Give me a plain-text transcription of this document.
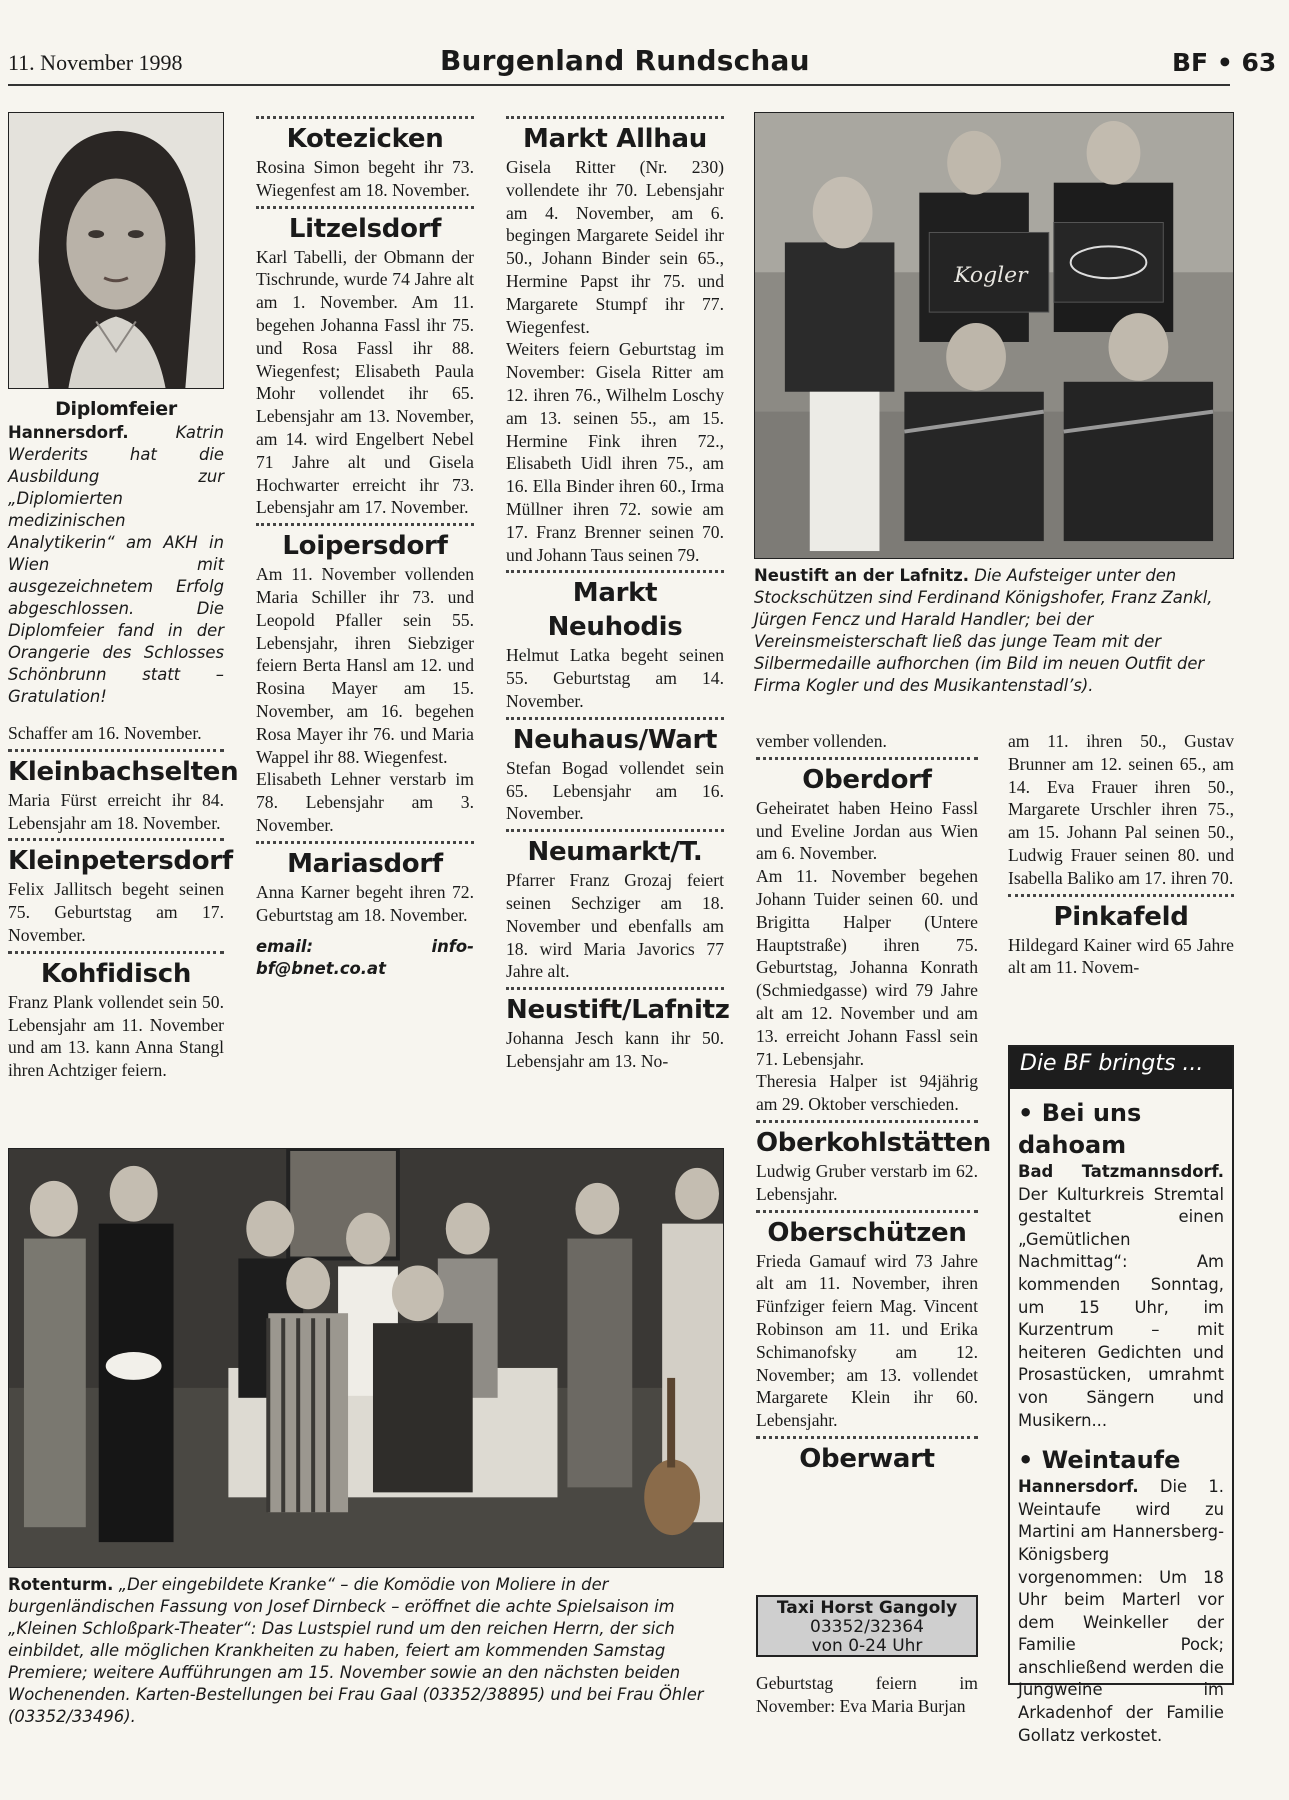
11. November 1998	Burgenland Rundschau	BF • 63
Diplomfeier

Hannersdorf.	Katrin Werderits hat die Ausbildung zur „Diplomierten medizinischen Analytikerin“ am AKH in Wien mit ausgezeichnetem Erfolg abgeschlossen. Die Diplomfeier fand in der Orangerie des Schlosses Schönbrunn statt – Gratulation!

Schaffer am 16. November.

Kleinbachselten

Maria Fürst erreicht ihr 84. Lebensjahr am 18. November.

Kleinpetersdorf

Felix Jallitsch begeht seinen 75. Geburtstag am 17. November.

Kohfidisch

Franz Plank vollendet sein 50. Lebensjahr am 11. November und am 13. kann Anna Stangl ihren Achtziger feiern.

Kotezicken

Rosina Simon begeht ihr 73. Wiegenfest am 18. November.

Litzelsdorf

Karl Tabelli, der Obmann der Tischrunde, wurde 74 Jahre alt am 1. November. Am 11. begehen Johanna Fassl ihr 75. und Rosa Fassl ihr 88. Wiegenfest; Elisabeth Paula Mohr vollendet ihr 65. Lebensjahr am 13. November, am 14. wird Engelbert Nebel 71 Jahre alt und Gisela Hochwarter erreicht ihr 73. Lebensjahr am 17. November.

Loipersdorf

Am 11. November vollenden Maria Schiller ihr 73. und Leopold Pfaller sein 55. Lebensjahr, ihren Siebziger feiern Berta Hansl am 12. und Rosina Mayer am 15. November, am 16. begehen Rosa Mayer ihr 76. und Maria Wappel ihr 88. Wiegenfest.

Elisabeth Lehner verstarb im 78. Lebensjahr am 3. November.

Mariasdorf

Anna Karner begeht ihren 72. Geburtstag am 18. November.

email: info-bf@bnet.co.at

Markt Allhau

Gisela Ritter (Nr. 230) vollendete ihr 70. Lebensjahr am 4. November, am 6. begingen Margarete Seidel ihr 50., Johann Binder sein 65., Hermine Papst ihr 75. und Margarete Stumpf ihr 77. Wiegenfest.

Weiters feiern Geburtstag im November: Gisela Ritter am 12. ihren 76., Wilhelm Loschy am 13. seinen 55., am 15. Hermine Fink ihren 72., Elisabeth Uidl ihren 75., am 16. Ella Binder ihren 60., Irma Müllner ihren 72. sowie am 17. Franz Brenner seinen 70. und Johann Taus seinen 79.

Markt Neuhodis

Helmut Latka begeht seinen 55. Geburtstag am 14. November.

Neuhaus/Wart

Stefan Bogad vollendet sein 65. Lebensjahr am 16. November.

Neumarkt/T.

Pfarrer Franz Grozaj feiert seinen Sechziger am 18. November und ebenfalls am 18. wird Maria Javorics 77 Jahre alt.

Neustift/Lafnitz

Johanna Jesch kann ihr 50. Lebensjahr am 13. No-

Kogler
Neustift an der Lafnitz. Die Aufsteiger unter den Stockschützen sind Ferdinand Königshofer, Franz Zankl, Jürgen Fencz und Harald Handler; bei der Vereinsmeisterschaft ließ das junge Team mit der Silbermedaille aufhorchen (im Bild im neuen Outfit der Firma Kogler und des Musikantenstadl’s).

vember vollenden.

Oberdorf

Geheiratet haben Heino Fassl und Eveline Jordan aus Wien am 6. November.

Am 11. November begehen Johann Tuider seinen 60. und Brigitta Halper (Untere Hauptstraße) ihren 75. Geburtstag, Johanna Konrath (Schmiedgasse) wird 79 Jahre alt am 12. November und am 13. erreicht Johann Fassl sein 71. Lebensjahr.

Theresia Halper ist 94jährig am 29. Oktober verschieden.

Oberkohlstätten

Ludwig Gruber verstarb im 62. Lebensjahr.

Oberschützen

Frieda Gamauf wird 73 Jahre alt am 11. November, ihren Fünfziger feiern Mag. Vincent Robinson am 11. und Erika Schimanofsky am 12. November; am 13. vollendet Margarete Klein ihr 60. Lebensjahr.

Oberwart
Taxi Horst Gangoly
03352/32364
von 0-24 Uhr

Geburtstag feiern im November: Eva Maria Burjan

am 11. ihren 50., Gustav Brunner am 12. seinen 65., am 14. Eva Frauer ihren 50., Margarete Urschler ihren 75., am 15. Johann Pal seinen 50., Ludwig Frauer seinen 80. und Isabella Baliko am 17. ihren 70.

Pinkafeld

Hildegard Kainer wird 65 Jahre alt am 11. Novem-

Die BF bringts ...
• Bei uns dahoam

Bad Tatzmannsdorf. Der Kulturkreis Stremtal gestaltet einen „Gemütlichen Nachmittag“: Am kommenden Sonntag, um 15 Uhr, im Kurzentrum – mit heiteren Gedichten und Prosastücken, umrahmt von Sängern und Musikern...

• Weintaufe

Hannersdorf. Die 1. Weintaufe wird zu Martini am Hannersberg-Königsberg vorgenommen: Um 18 Uhr beim Marterl vor dem Weinkeller der Familie Pock; anschließend werden die Jungweine im Arkadenhof der Familie Gollatz verkostet.

Rotenturm. „Der eingebildete Kranke“ – die Komödie von Moliere in der burgenländischen Fassung von Josef Dirnbeck – eröffnet die achte Spielsaison im „Kleinen Schloßpark-Theater“: Das Lustspiel rund um den reichen Herrn, der sich einbildet, alle möglichen Krankheiten zu haben, feiert am kommenden Samstag Premiere; weitere Aufführungen am 15. November sowie an den nächsten beiden Wochenenden. Karten-Bestellungen bei Frau Gaal (03352/38895) und bei Frau Öhler (03352/33496).
